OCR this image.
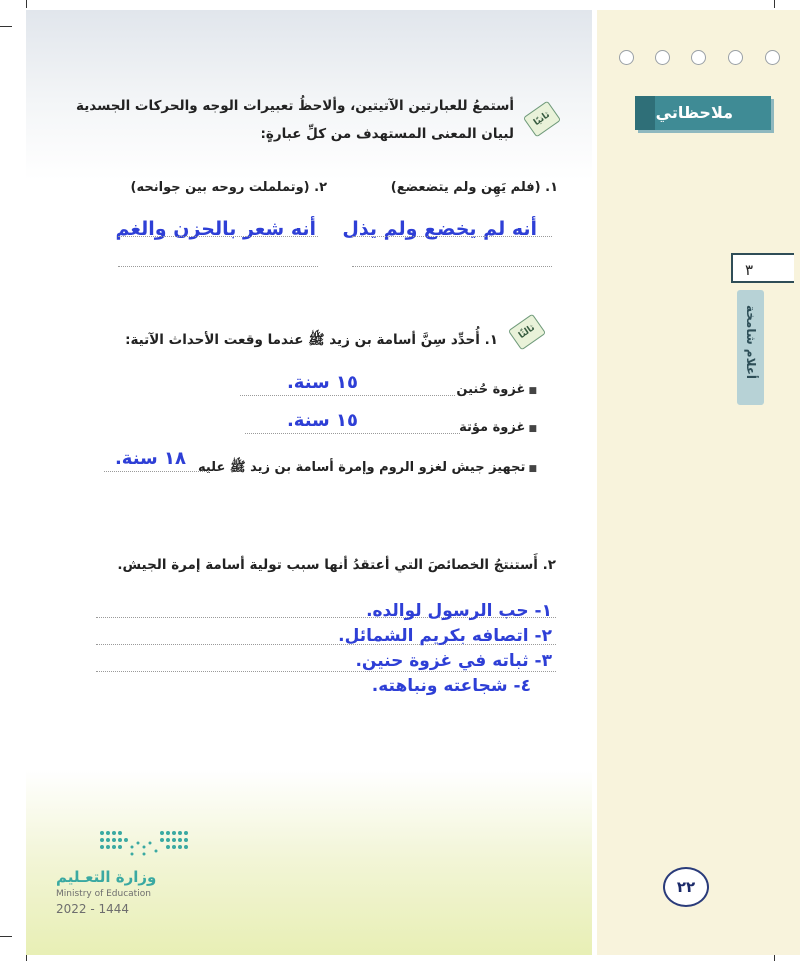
ملاحظاتي
٣
أعلام شامخة
٢٢
ثانيًا
أستمعُ للعبارتين الآتيتين، وألاحظُ تعبيرات الوجه والحركات الجسدية
لبيان المعنى المستهدف من كلِّ عبارةٍ:
١. (فلم يَهِن ولم يتضعضع)
٢. (وتململت روحه بين جوانحه)
أنه لم يخضع ولم يذل
أنه شعر بالحزن والغم
ثالثًا
١. أُحدِّد سِنَّ أسامة بن زيد ﷺ عندما وقعت الأحداث الآتية:
■ غزوة حُنين
١٥ سنة.
■ غزوة مؤتة
١٥ سنة.
■ تجهيز جيش لغزو الروم وإمرة أسامة بن زيد ﷺ عليه
١٨ سنة.
٢. أَستنتجُ الخصائصَ التي أعتقدُ أنها سبب تولية أسامة إمرة الجيش.
١- حب الرسول لوالده.
٢- اتصافه بكريم الشمائل.
٣- ثباته في غزوة حنين.
٤- شجاعته ونباهته.
وزارة التعـليم
Ministry of Education
2022 - 1444
